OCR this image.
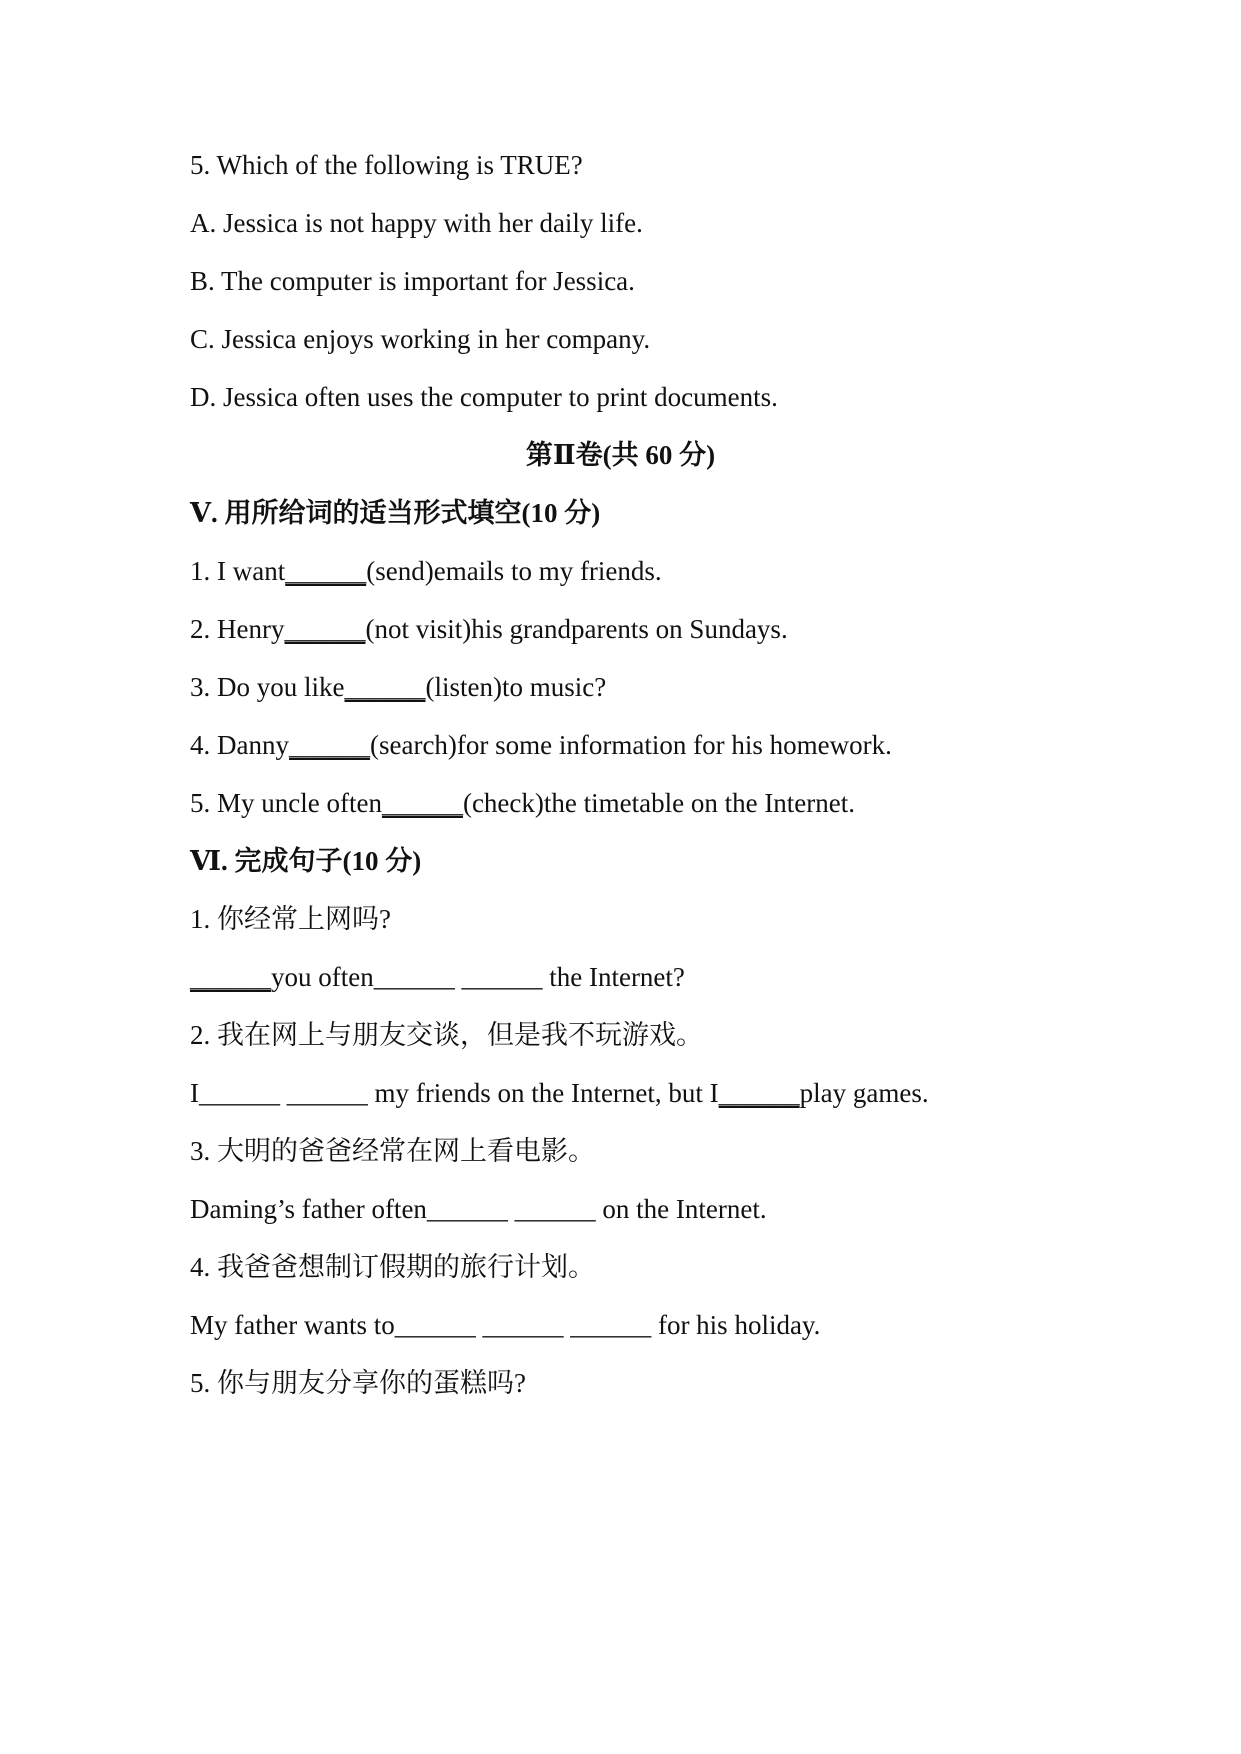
5. Which of the following is TRUE?
A. Jessica is not happy with her daily life.
B. The computer is important for Jessica.
C. Jessica enjoys working in her company.
D. Jessica often uses the computer to print documents.
第Ⅱ卷(共 60 分)
Ⅴ. 用所给词的适当形式填空(10 分)
1. I want______(send)emails to my friends.
2. Henry______(not visit)his grandparents on Sundays.
3. Do you like______(listen)to music?
4. Danny______(search)for some information for his homework.
5. My uncle often______(check)the timetable on the Internet.
Ⅵ. 完成句子(10 分)
1. 你经常上网吗?
______you often______ ______ the Internet?
2. 我在网上与朋友交谈，但是我不玩游戏。
I______ ______ my friends on the Internet, but I______play games.
3. 大明的爸爸经常在网上看电影。
Daming’s father often______ ______ on the Internet.
4. 我爸爸想制订假期的旅行计划。
My father wants to______ ______ ______ for his holiday.
5. 你与朋友分享你的蛋糕吗?
